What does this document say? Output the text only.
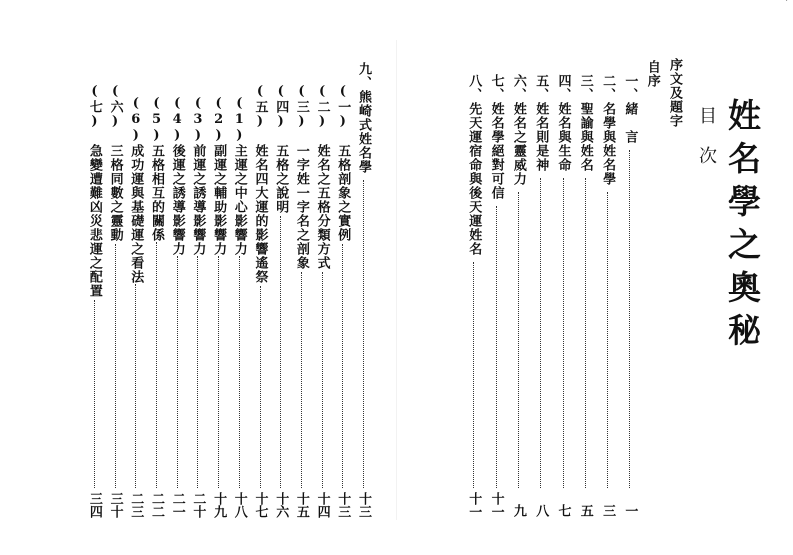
九、熊崎式姓名學
十三
(一)　五格剖象之實例
十三
(二)　姓名之五格分類方式
十四
(三)　一字姓一字名之剖象
十五
(四)　五格之說明
十六
(五)　姓名四大運的影響遙祭
十七
(1)主運之中心影響力
十八
(2)副運之輔助影響力
十九
(3)前運之誘導影響力
二十
(4)後運之誘導影響力
二一
(5)五格相互的關係
二二
(6)成功運與基礎運之看法
二三
(六)　三格同數之靈動
三十
(七)　急變遭難凶災悲運之配置
三四
序文及題字
自序
一、緒　言
一
二、名學與姓名學
三
三、聖諭與姓名
五
四、姓名與生命
七
五、姓名則是神
八
六、姓名之靈威力
九
七、姓名學絕對可信
十一
八、先天運宿命與後天運姓名
十一
姓名學之奧秘
目次
`
